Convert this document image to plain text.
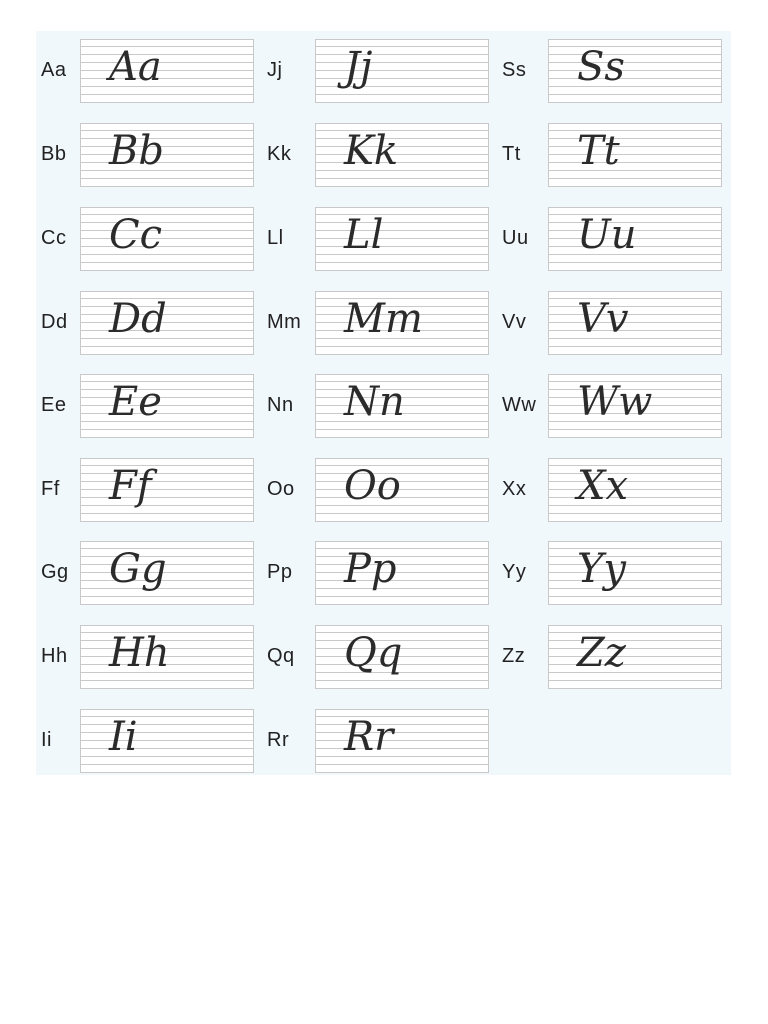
Aa Aa
Bb Bb
Cc Cc
Dd Dd
Ee Ee
Ff Ff
Gg Gg
Hh Hh
Ii Ii
Jj Jj
Kk Kk
Ll Ll
Mm Mm
Nn Nn
Oo Oo
Pp Pp
Qq Qq
Rr Rr
Ss Ss
Tt Tt
Uu Uu
Vv Vv
Ww Ww
Xx Xx
Yy Yy
Zz Zz
